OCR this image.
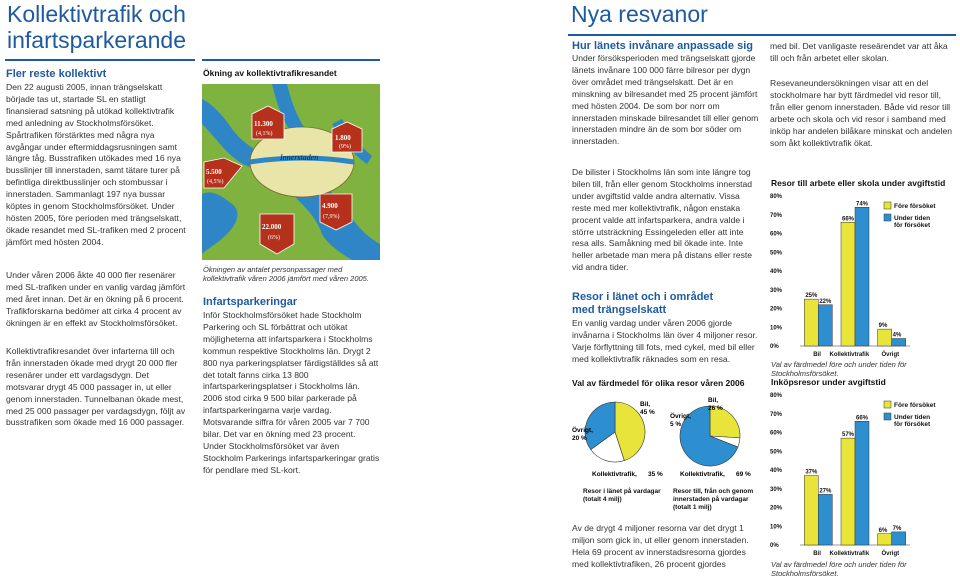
Kollektivtrafik och
infartsparkerande
Fler reste kollektivt
Den 22 augusti 2005, innan trängselskatt började tas ut, startade SL en statligt finansierad satsning på utökad kollektivtrafik med anledning av Stockholmsförsöket. Spårtrafiken förstärktes med några nya avgångar under eftermiddagsrusningen samt längre tåg. Busstrafiken utökades med 16 nya busslinjer till innerstaden, samt tätare turer på befintliga direktbusslinjer och stombussar i innerstaden. Sammanlagt 197 nya bussar köptes in genom Stockholmsförsöket. Under hösten 2005, före perioden med trängselskatt, ökade resandet med SL-trafiken med 2 procent jämfört med hösten 2004.
Under våren 2006 åkte 40 000 fler resenärer med SL-trafiken under en vanlig vardag jämfört med året innan. Det är en ökning på 6 procent. Trafikforskarna bedömer att cirka 4 procent av ökningen är en effekt av Stockholmsförsöket.
Kollektivtrafikresandet över infarterna till och från innerstaden ökade med drygt 20 000 fler resenärer under ett vardagsdygn. Det motsvarar drygt 45 000 passager in, ut eller genom innerstaden. Tunnelbanan ökade mest, med 25 000 passager per vardagsdygn, följt av busstrafiken som ökade med 16 000 passager.
Ökning av kollektivtrafikresandet
Innerstaden
11.300
(4,1%)	1.800
(9%)
5.500
(4,5%)
4.900
(7,9%)
22.000
(6%)
Ökningen av antalet personpassager med kollektivtrafik våren 2006 jämfört med våren 2005.
Infartsparkeringar
Inför Stockholmsförsöket hade Stockholm Parkering och SL förbättrat och utökat möjligheterna att infartsparkera i Stockholms kommun respektive Stockholms län. Drygt 2 800 nya parkeringsplatser färdigställdes så att det totalt fanns cirka 13 800 infartsparkeringsplatser i Stockholms län. 2006 stod cirka 9 500 bilar parkerade på infartsparkeringarna varje vardag. Motsvarande siffra för våren 2005 var 7 700 bilar. Det var en ökning med 23 procent. Under Stockholmsförsöket var även Stockholm Parkerings infartsparkeringar gratis för pendlare med SL-kort.
Nya resvanor
Hur länets invånare anpassade sig
Under försöksperioden med trängselskatt gjorde länets invånare 100 000 färre bilresor per dygn över området med trängselskatt. Det är en minskning av bilresandet med 25 procent jämfört med hösten 2004. De som bor norr om innerstaden minskade bilresandet till eller genom innerstaden mindre än de som bor söder om innerstaden.
De bilister i Stockholms län som inte längre tog bilen till, från eller genom Stockholms innerstad under avgiftstid valde andra alternativ. Vissa reste med mer kollektivtrafik, någon enstaka procent valde att infartsparkera, andra valde i större utsträckning Essingeleden eller att inte resa alls. Samåkning med bil ökade inte. Inte heller arbetade man mera på distans eller reste vid andra tider.
Resor i länet och i området
med trängselskatt
En vanlig vardag under våren 2006 gjorde invånarna i Stockholms län över 4 miljoner resor. Varje förflyttning till fots, med cykel, med bil eller med kollektivtrafik räknades som en resa.
Av de drygt 4 miljoner resorna var det drygt 1 miljon som gick in, ut eller genom innerstaden. Hela 69 procent av innerstadsresorna gjordes med kollektivtrafiken, 26 procent gjordes
med bil. Det vanligaste reseärendet var att åka till och från arbetet eller skolan.
Resevaneundersökningen visar att en del stockholmare har bytt färdmedel vid resor till, från eller genom innerstaden. Både vid resor till arbete och skola och vid resor i samband med inköp har andelen bilåkare minskat och andelen som åkt kollektivtrafik ökat.
Val av färdmedel för olika resor våren 2006
Bil,
45 %
Övrigt,
20 %
Kollektivtrafik, 35 %
Bil,
26 %
Övrigt,
5 %
Kollektivtrafik, 69 %
Resor i länet på vardagar (totalt 4 milj)
Resor till, från och genom innerstaden på vardagar (totalt 1 milj)
Resor till arbete eller skola under avgiftstid
0%
10%
20%
30%
40%
50%
60%
70%
80%
25%
22%
Bil
66%
74%
Kollektivtrafik
9%
4%
Övrigt
Före försöket
Under tiden
för försöket
Val av färdmedel före och under tiden för Stockholmsförsöket.
Inköpsresor under avgiftstid
0%
10%
20%
30%
40%
50%
60%
70%
80%
37%
27%
Bil
57%
66%
Kollektivtrafik
6% 7%
Övrigt
Före försöket
Under tiden
för försöket
Val av färdmedel före och under tiden för Stockholmsförsöket.
